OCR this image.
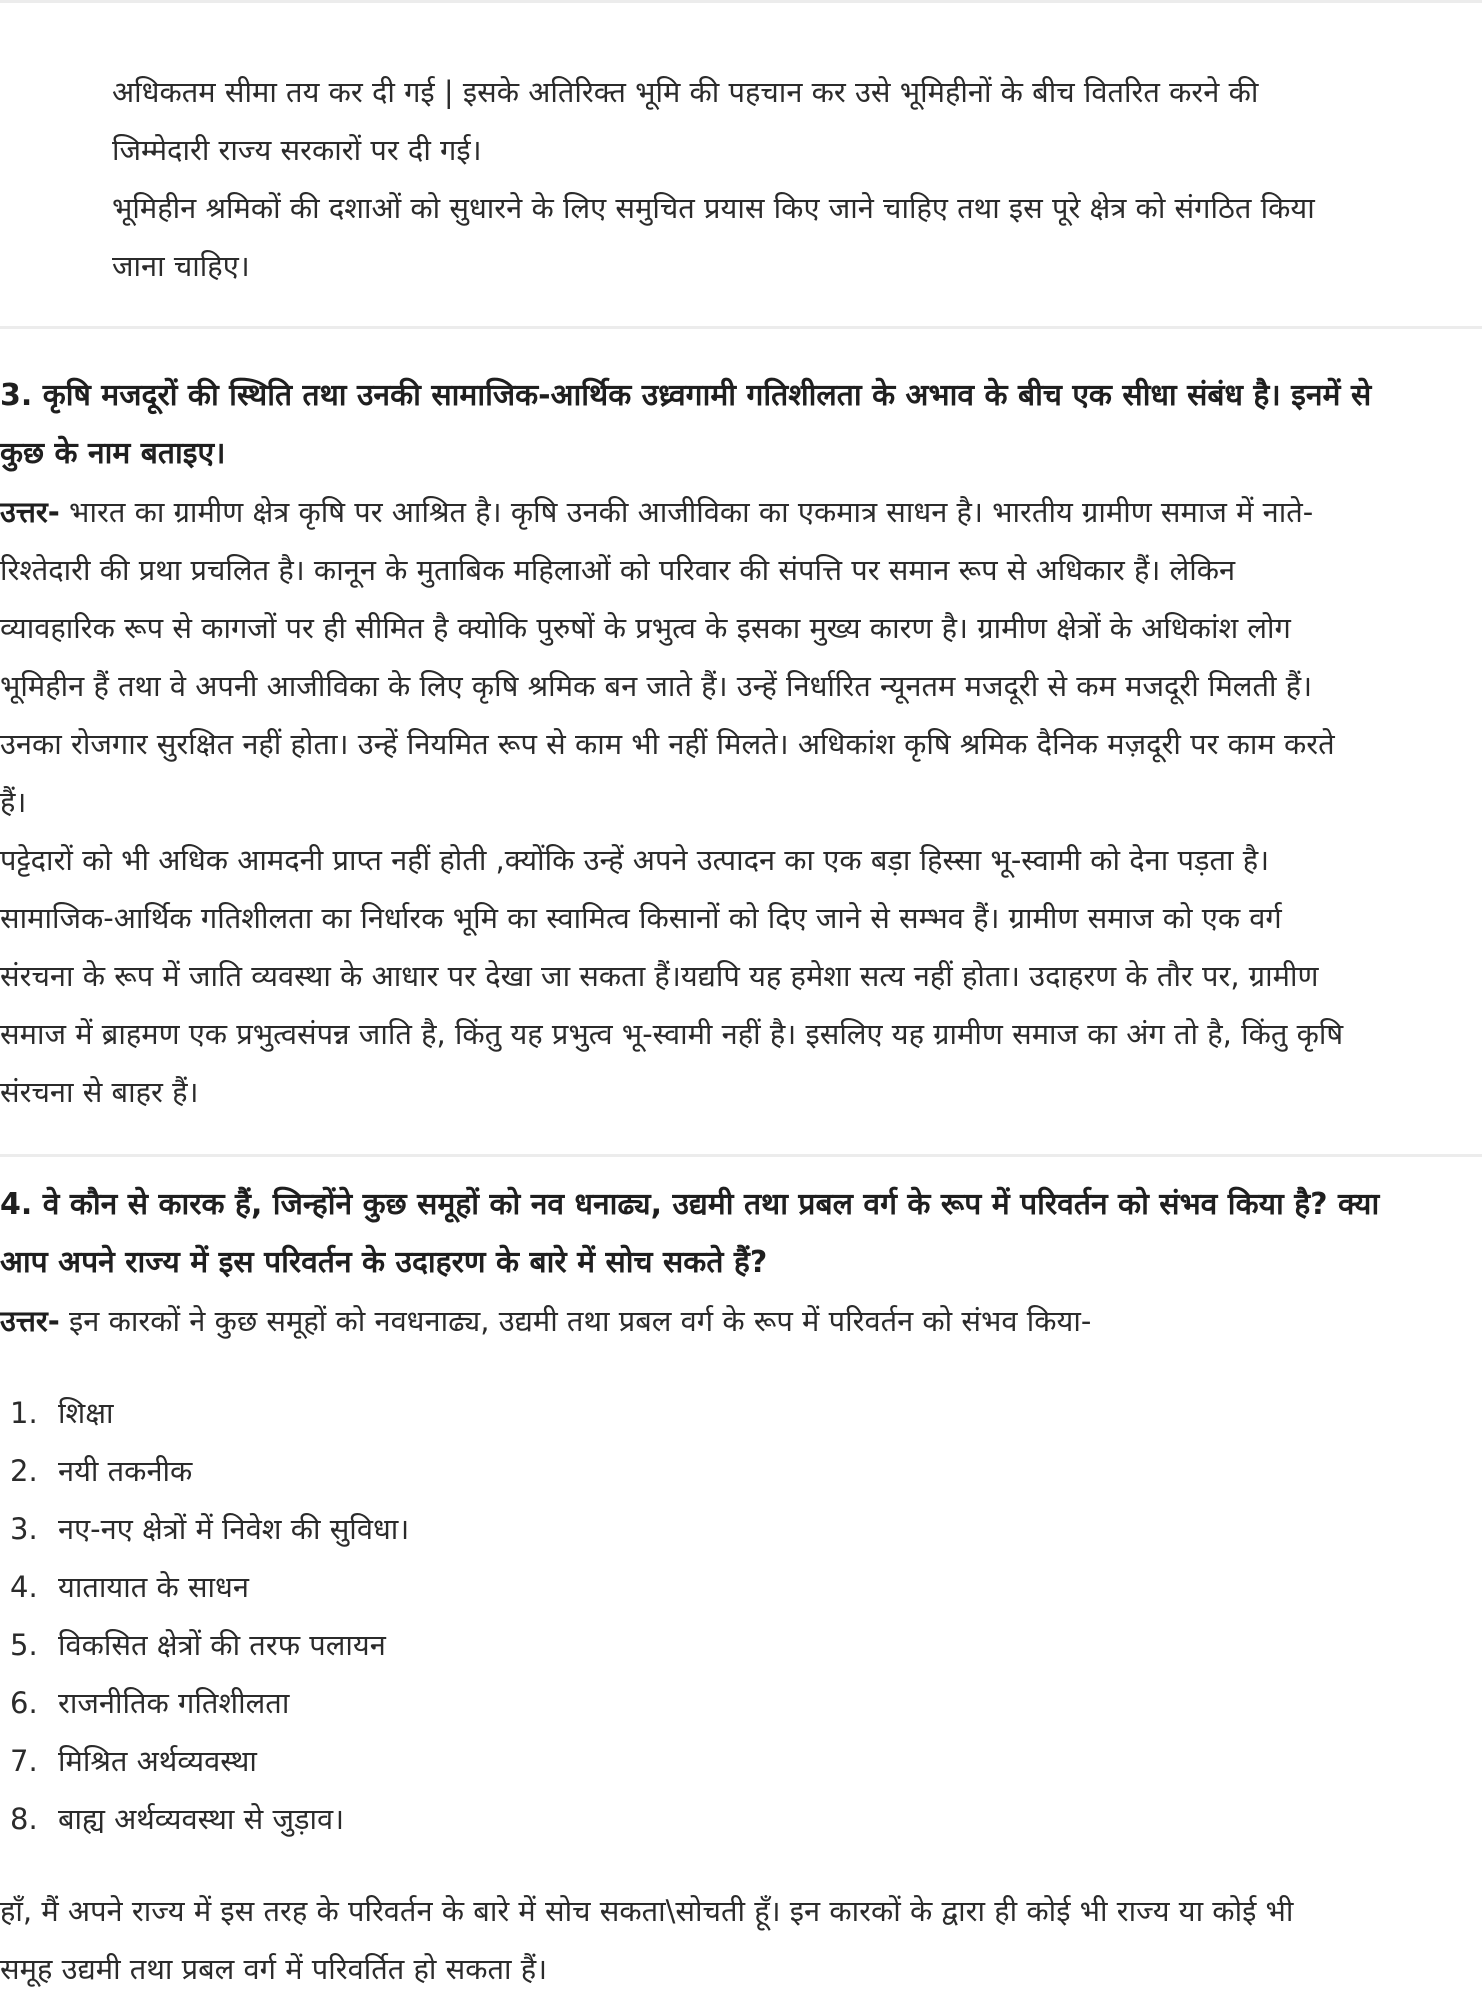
अधिकतम सीमा तय कर दी गई | इसके अतिरिक्त भूमि की पहचान कर उसे भूमिहीनों के बीच वितरित करने की

जिम्मेदारी राज्य सरकारों पर दी गई।

भूमिहीन श्रमिकों की दशाओं को सुधारने के लिए समुचित प्रयास किए जाने चाहिए तथा इस पूरे क्षेत्र को संगठित किया

जाना चाहिए।

3. कृषि मजदूरों की स्थिति तथा उनकी सामाजिक-आर्थिक उध्र्वगामी गतिशीलता के अभाव के बीच एक सीधा संबंध है। इनमें से

कुछ के नाम बताइए।

उत्तर- भारत का ग्रामीण क्षेत्र कृषि पर आश्रित है। कृषि उनकी आजीविका का एकमात्र साधन है। भारतीय ग्रामीण समाज में नाते-

रिश्तेदारी की प्रथा प्रचलित है। कानून के मुताबिक महिलाओं को परिवार की संपत्ति पर समान रूप से अधिकार हैं। लेकिन

व्यावहारिक रूप से कागजों पर ही सीमित है क्योकि पुरुषों के प्रभुत्व के इसका मुख्य कारण है। ग्रामीण क्षेत्रों के अधिकांश लोग

भूमिहीन हैं तथा वे अपनी आजीविका के लिए कृषि श्रमिक बन जाते हैं। उन्हें निर्धारित न्यूनतम मजदूरी से कम मजदूरी मिलती हैं।

उनका रोजगार सुरक्षित नहीं होता। उन्हें नियमित रूप से काम भी नहीं मिलते। अधिकांश कृषि श्रमिक दैनिक मज़दूरी पर काम करते

हैं।

पट्टेदारों को भी अधिक आमदनी प्राप्त नहीं होती ,क्योंकि उन्हें अपने उत्पादन का एक बड़ा हिस्सा भू-स्वामी को देना पड़ता है।

सामाजिक-आर्थिक गतिशीलता का निर्धारक भूमि का स्वामित्व किसानों को दिए जाने से सम्भव हैं। ग्रामीण समाज को एक वर्ग

संरचना के रूप में जाति व्यवस्था के आधार पर देखा जा सकता हैं।यद्यपि यह हमेशा सत्य नहीं होता। उदाहरण के तौर पर, ग्रामीण

समाज में ब्राहमण एक प्रभुत्वसंपन्न जाति है, किंतु यह प्रभुत्व भू-स्वामी नहीं है। इसलिए यह ग्रामीण समाज का अंग तो है, किंतु कृषि

संरचना से बाहर हैं।

4. वे कौन से कारक हैं, जिन्होंने कुछ समूहों को नव धनाढ्य, उद्यमी तथा प्रबल वर्ग के रूप में परिवर्तन को संभव किया है? क्या

आप अपने राज्य में इस परिवर्तन के उदाहरण के बारे में सोच सकते हैं?

उत्तर- इन कारकों ने कुछ समूहों को नवधनाढ्य, उद्यमी तथा प्रबल वर्ग के रूप में परिवर्तन को संभव किया-

1. शिक्षा
2. नयी तकनीक
3. नए-नए क्षेत्रों में निवेश की सुविधा।
4. यातायात के साधन
5. विकसित क्षेत्रों की तरफ पलायन
6. राजनीतिक गतिशीलता
7. मिश्रित अर्थव्यवस्था
8. बाह्य अर्थव्यवस्था से जुड़ाव।

हाँ, मैं अपने राज्य में इस तरह के परिवर्तन के बारे में सोच सकता\सोचती हूँ। इन कारकों के द्वारा ही कोई भी राज्य या कोई भी

समूह उद्यमी तथा प्रबल वर्ग में परिवर्तित हो सकता हैं।
